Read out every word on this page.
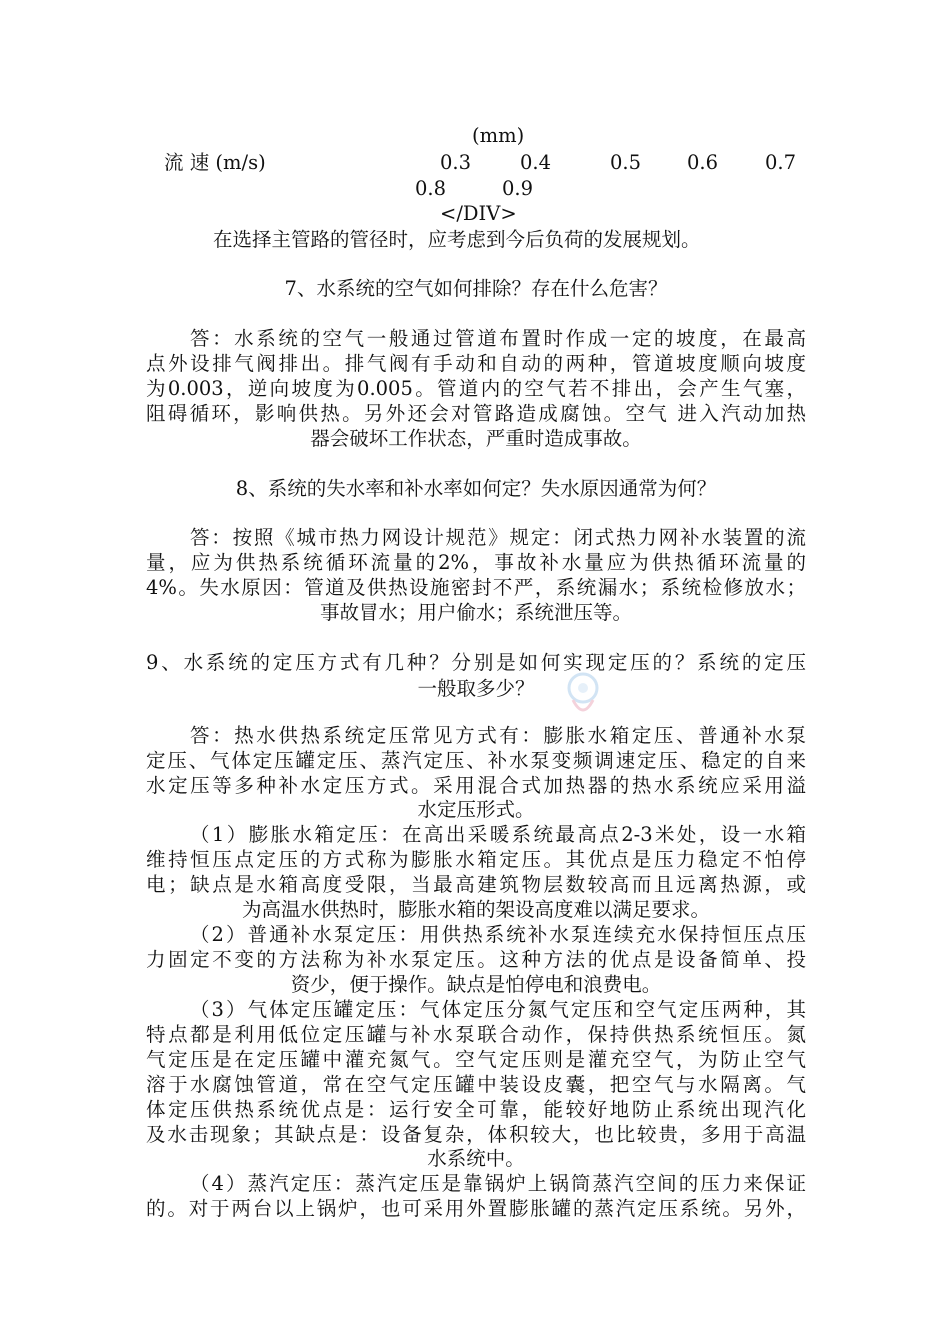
(mm)
流 速 (m/s)	0.3	0.4	0.5 0.6 0.7
0.8	0.9
</DIV>
在选择主管路的管径时，应考虑到今后负荷的发展规划。
7、水系统的空气如何排除？存在什么危害？
答：水系统的空气一般通过管道布置时作成一定的坡度，在最高
点外设排气阀排出。排气阀有手动和自动的两种，管道坡度顺向坡度
为0.003，逆向坡度为0.005。管道内的空气若不排出，会产生气塞，
阻碍循环，影响供热。另外还会对管路造成腐蚀。空气 进入汽动加热
器会破坏工作状态，严重时造成事故。
8、系统的失水率和补水率如何定？失水原因通常为何？
答：按照《城市热力网设计规范》规定：闭式热力网补水装置的流
量，应为供热系统循环流量的2%，事故补水量应为供热循环流量的
4%。失水原因：管道及供热设施密封不严，系统漏水；系统检修放水；
事故冒水；用户偷水；系统泄压等。
9、水系统的定压方式有几种？分别是如何实现定压的？系统的定压
一般取多少？
答：热水供热系统定压常见方式有：膨胀水箱定压、普通补水泵
定压、气体定压罐定压、蒸汽定压、补水泵变频调速定压、稳定的自来
水定压等多种补水定压方式。采用混合式加热器的热水系统应采用溢
水定压形式。
（1）膨胀水箱定压：在高出采暖系统最高点2-3米处，设一水箱
维持恒压点定压的方式称为膨胀水箱定压。其优点是压力稳定不怕停
电；缺点是水箱高度受限，当最高建筑物层数较高而且远离热源，或
为高温水供热时，膨胀水箱的架设高度难以满足要求。
（2）普通补水泵定压：用供热系统补水泵连续充水保持恒压点压
力固定不变的方法称为补水泵定压。这种方法的优点是设备简单、投
资少，便于操作。缺点是怕停电和浪费电。
（3）气体定压罐定压：气体定压分氮气定压和空气定压两种，其
特点都是利用低位定压罐与补水泵联合动作，保持供热系统恒压。氮
气定压是在定压罐中灌充氮气。空气定压则是灌充空气，为防止空气
溶于水腐蚀管道，常在空气定压罐中装设皮囊，把空气与水隔离。气
体定压供热系统优点是：运行安全可靠，能较好地防止系统出现汽化
及水击现象；其缺点是：设备复杂，体积较大，也比较贵，多用于高温
水系统中。
（4）蒸汽定压：蒸汽定压是靠锅炉上锅筒蒸汽空间的压力来保证
的。对于两台以上锅炉，也可采用外置膨胀罐的蒸汽定压系统。另外，
